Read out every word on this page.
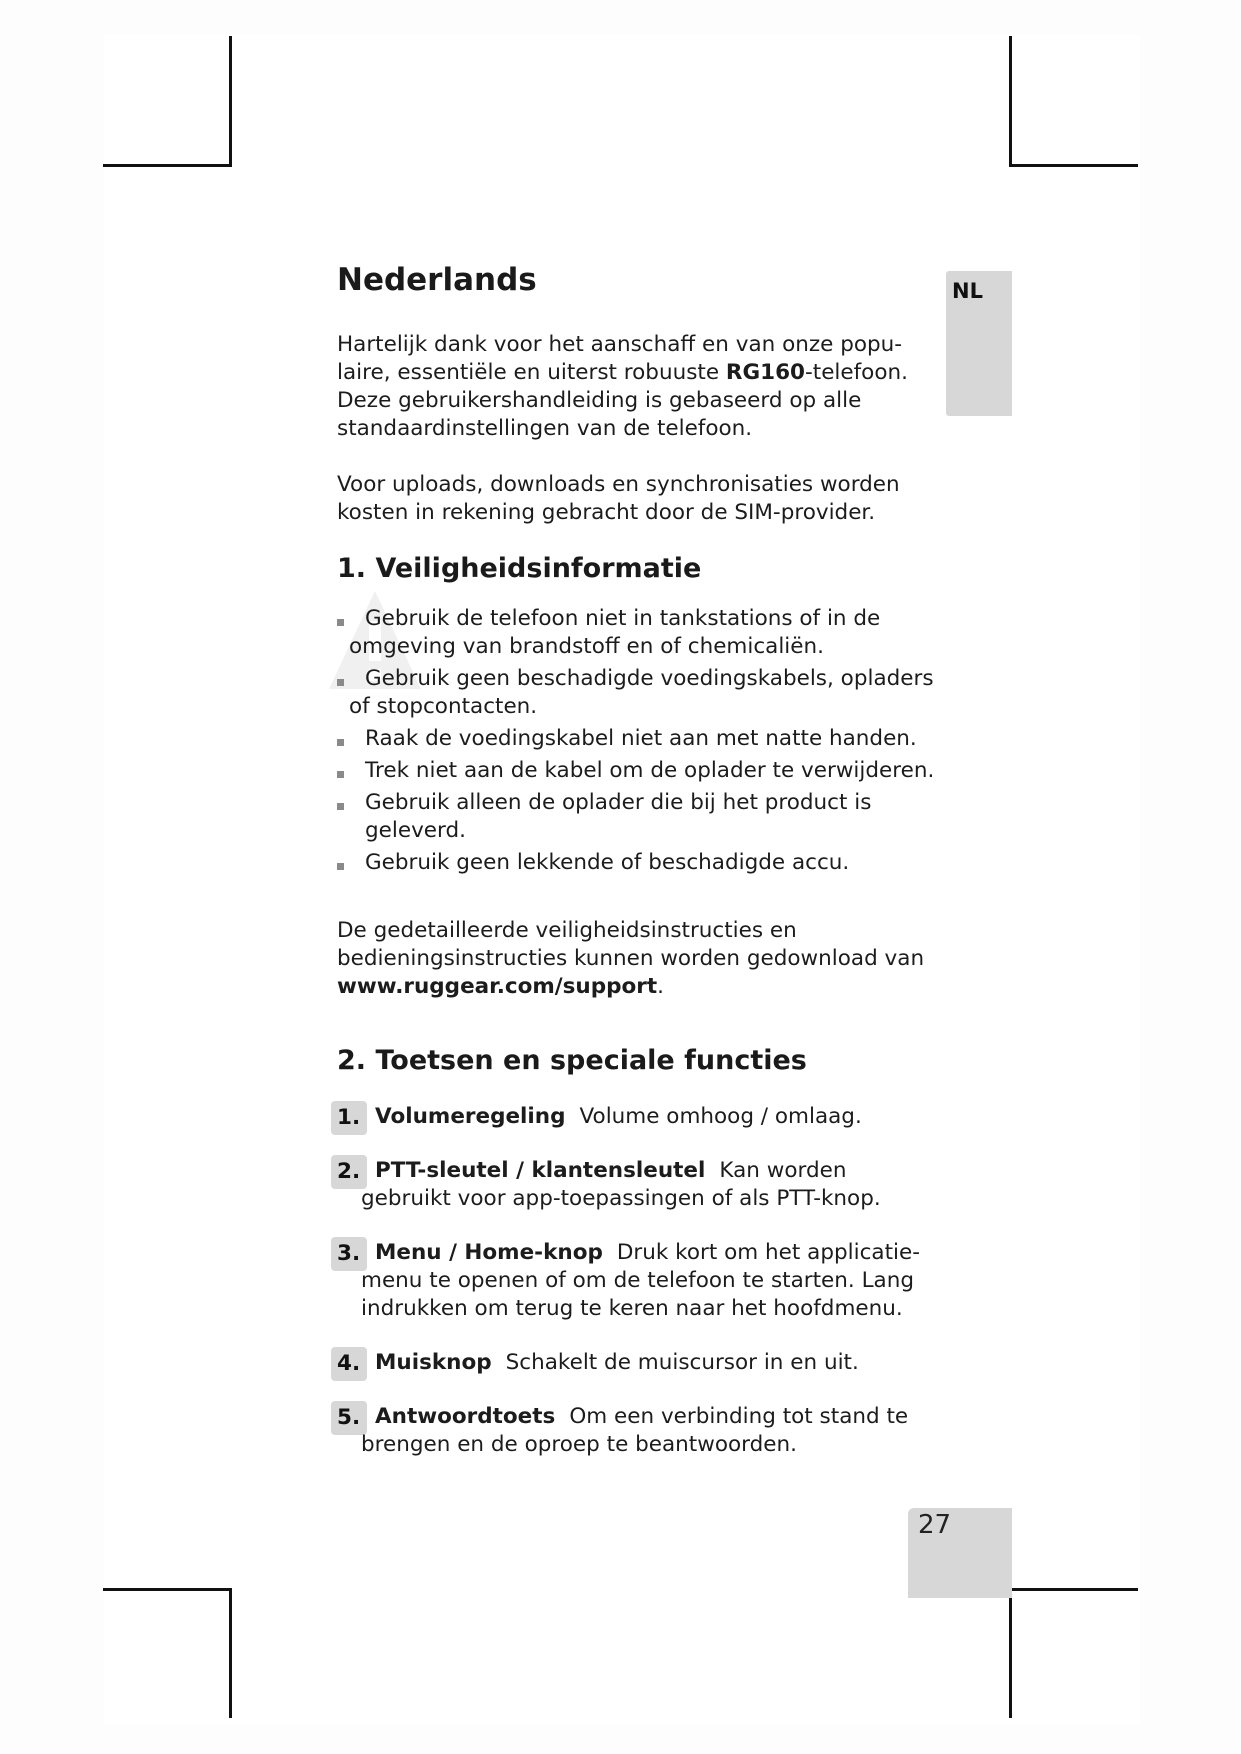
NL
27
Nederlands
Hartelijk dank voor het aanschaff en van onze popu-laire, essentiële en uiterst robuuste RG160-telefoon. Deze gebruikershandleiding is gebaseerd op alle standaardinstellingen van de telefoon.
Voor uploads, downloads en synchronisaties worden kosten in rekening gebracht door de SIM-provider.
1. Veiligheidsinformatie
Gebruik de telefoon niet in tankstations of in de omgeving van brandstoff en of chemicaliën.
Gebruik geen beschadigde voedingskabels, opladers of stopcontacten.
Raak de voedingskabel niet aan met natte handen.
Trek niet aan de kabel om de oplader te verwijderen.
Gebruik alleen de oplader die bij het product is geleverd.
Gebruik geen lekkende of beschadigde accu.
De gedetailleerde veiligheidsinstructies en bedieningsinstructies kunnen worden gedownload van www.ruggear.com/support.
2. Toetsen en speciale functies
1. Volumeregeling Volume omhoog / omlaag.
2. PTT-sleutel / klantensleutel Kan worden gebruikt voor app-toepassingen of als PTT-knop.
3. Menu / Home-knop Druk kort om het applicatie-menu te openen of om de telefoon te starten. Lang indrukken om terug te keren naar het hoofdmenu.
4. Muisknop Schakelt de muiscursor in en uit.
5. Antwoordtoets Om een verbinding tot stand te brengen en de oproep te beantwoorden.
